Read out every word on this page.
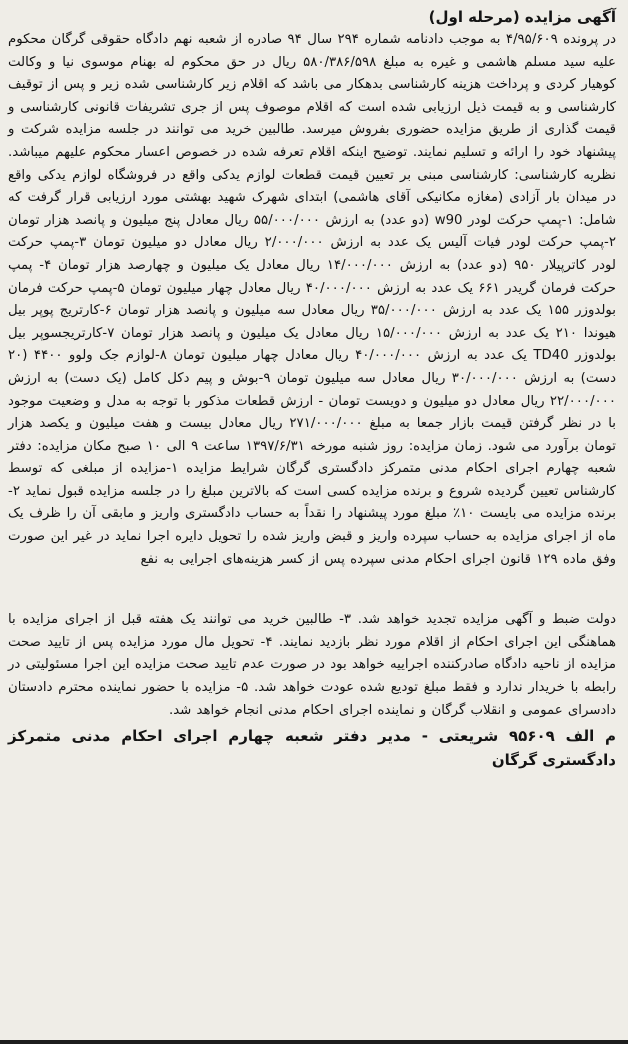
آگهی مزایده (مرحله اول)

در پرونده ۴/۹۵/۶۰۹ به موجب دادنامه شماره ۲۹۴ سال ۹۴ صادره از شعبه نهم دادگاه حقوقی گرگان محکوم علیه سید مسلم هاشمی و غیره به مبلغ ۵۸۰/۳۸۶/۵۹۸ ریال در حق محکوم له بهنام موسوی نیا و وکالت کوهیار کردی و پرداخت هزینه کارشناسی بدهکار می باشد که اقلام زیر کارشناسی شده زیر و پس از توقیف کارشناسی و به قیمت ذیل ارزیابی شده است که اقلام موصوف پس از جری تشریفات قانونی کارشناسی و قیمت گذاری از طریق مزایده حضوری بفروش میرسد. طالبین خرید می توانند در جلسه مزایده شرکت و پیشنهاد خود را ارائه و تسلیم نمایند. توضیح اینکه اقلام تعرفه شده در خصوص اعسار محکوم علیهم میباشد. نظریه کارشناسی: کارشناسی مبنی بر تعیین قیمت قطعات لوازم یدکی واقع در فروشگاه لوازم یدکی واقع در میدان بار آزادی (مغازه مکانیکی آقای هاشمی) ابتدای شهرک شهید بهشتی مورد ارزیابی قرار گرفت که شامل: ۱-پمپ حرکت لودر w90 (دو عدد) به ارزش ۵۵/۰۰۰/۰۰۰ ریال معادل پنج میلیون و پانصد هزار تومان ۲-پمپ حرکت لودر فیات آلیس یک عدد به ارزش ۲/۰۰۰/۰۰۰ ریال معادل دو میلیون تومان ۳-پمپ حرکت لودر کاترپیلار ۹۵۰ (دو عدد) به ارزش ۱۴/۰۰۰/۰۰۰ ریال معادل یک میلیون و چهارصد هزار تومان ۴- پمپ حرکت فرمان گریدر ۶۶۱ یک عدد به ارزش ۴۰/۰۰۰/۰۰۰ ریال معادل چهار میلیون تومان ۵-پمپ حرکت فرمان بولدوزر ۱۵۵ یک عدد به ارزش ۳۵/۰۰۰/۰۰۰ ریال معادل سه میلیون و پانصد هزار تومان ۶-کارتریج پوپر بیل هیوندا ۲۱۰ یک عدد به ارزش ۱۵/۰۰۰/۰۰۰ ریال معادل یک میلیون و پانصد هزار تومان ۷-کارتریجسوپر بیل بولدوزر TD40 یک عدد به ارزش ۴۰/۰۰۰/۰۰۰ ریال معادل چهار میلیون تومان ۸-لوازم جک ولوو ۴۴۰۰ (۲۰ دست) به ارزش ۳۰/۰۰۰/۰۰۰ ریال معادل سه میلیون تومان ۹-بوش و پیم دکل کامل (یک دست) به ارزش ۲۲/۰۰۰/۰۰۰ ریال معادل دو میلیون و دویست تومان - ارزش قطعات مذکور با توجه به مدل و وضعیت موجود با در نظر گرفتن قیمت بازار جمعا به مبلغ ۲۷۱/۰۰۰/۰۰۰ ریال معادل بیست و هفت میلیون و یکصد هزار تومان برآورد می شود. زمان مزایده: روز شنبه مورخه ۱۳۹۷/۶/۳۱ ساعت ۹ الی ۱۰ صبح مکان مزایده: دفتر شعبه چهارم اجرای احکام مدنی متمرکز دادگستری گرگان شرایط مزایده ۱-مزایده از مبلغی که توسط کارشناس تعیین گردیده شروع و برنده مزایده کسی است که بالاترین مبلغ را در جلسه مزایده قبول نماید ۲- برنده مزایده می بایست ۱۰٪ مبلغ مورد پیشنهاد را نقداً به حساب دادگستری واریز و مابقی آن را ظرف یک ماه از اجرای مزایده به حساب سپرده واریز و قبض واریز شده را تحویل دایره اجرا نماید در غیر این صورت وفق ماده ۱۲۹ قانون اجرای احکام مدنی سپرده پس از کسر هزینه‌های اجرایی به نفع

دولت ضبط و آگهی مزایده تجدید خواهد شد. ۳- طالبین خرید می توانند یک هفته قبل از اجرای مزایده با هماهنگی این اجرای احکام از اقلام مورد نظر بازدید نمایند. ۴- تحویل مال مورد مزایده پس از تایید صحت مزایده از ناحیه دادگاه صادرکننده اجراییه خواهد بود در صورت عدم تایید صحت مزایده این اجرا مسئولیتی در رابطه با خریدار ندارد و فقط مبلغ تودیع شده عودت خواهد شد. ۵- مزایده با حضور نماینده محترم دادستان دادسرای عمومی و انقلاب گرگان و نماینده اجرای احکام مدنی انجام خواهد شد.

م الف ۹۵۶۰۹ شریعتی - مدیر دفتر شعبه چهارم اجرای احکام مدنی متمرکز دادگستری گرگان
